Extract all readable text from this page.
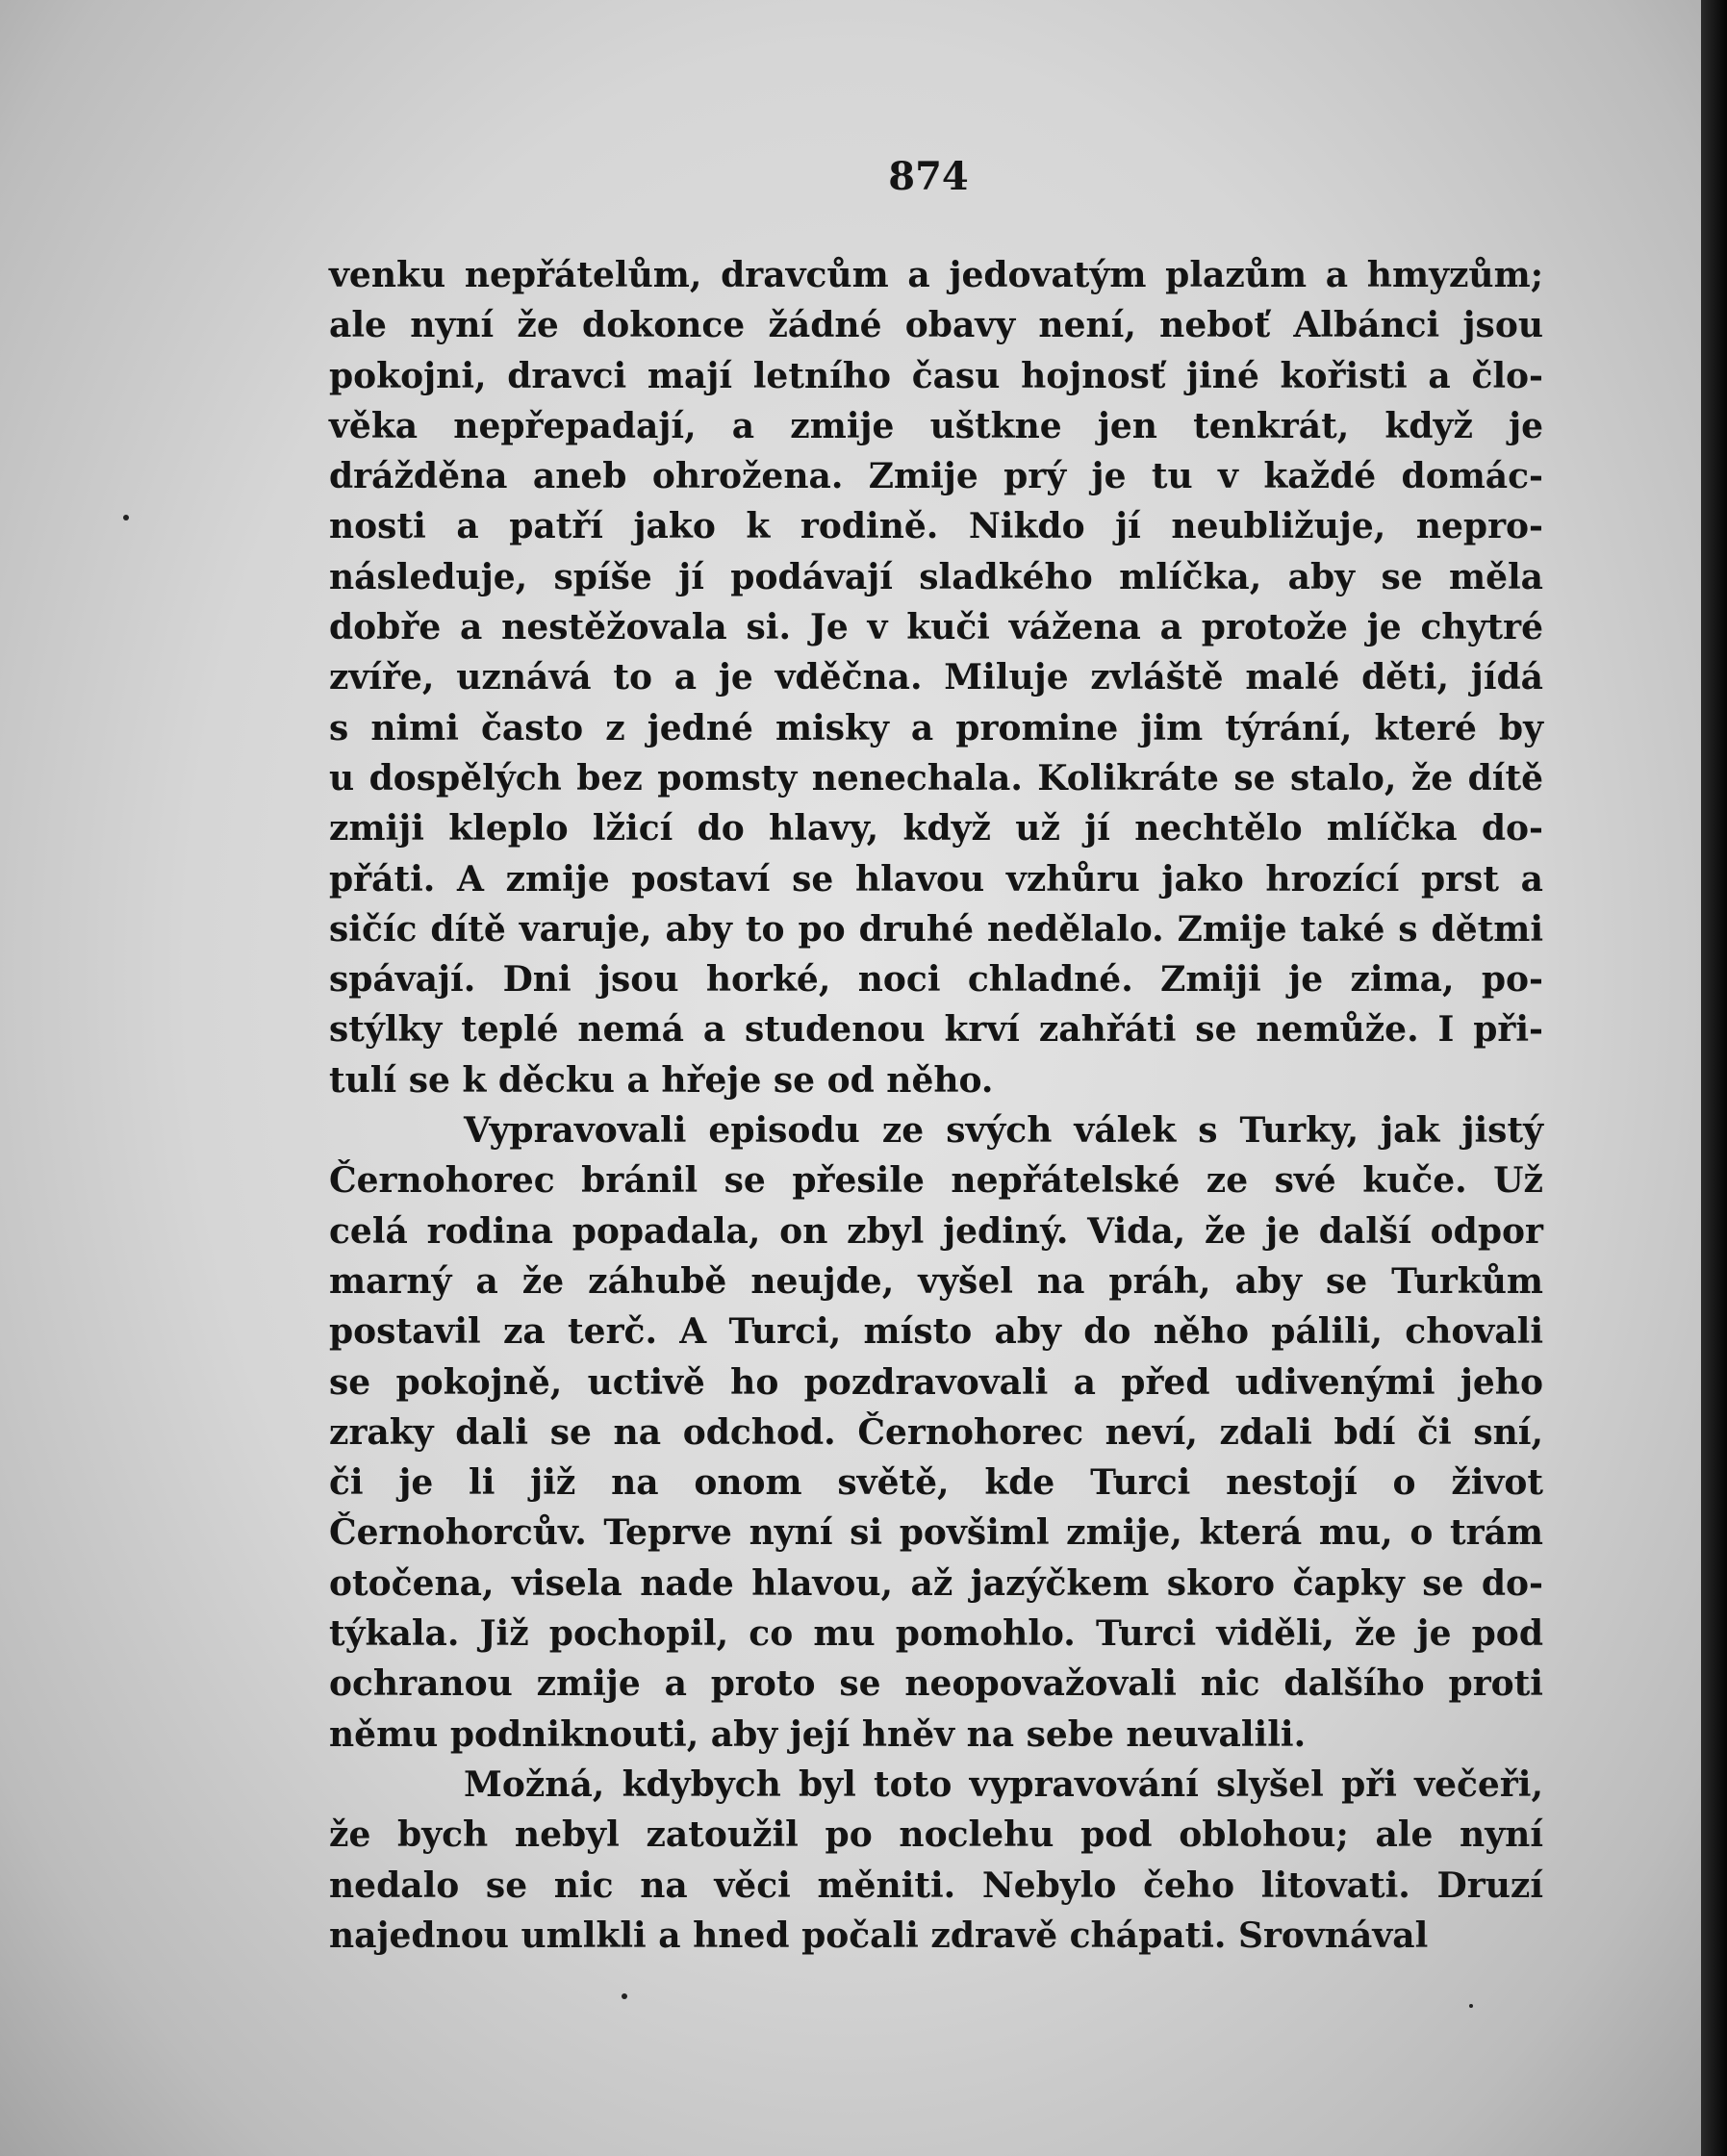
874
venku nepřátelům, dravcům a jedovatým plazům a hmyzům;
ale nyní že dokonce žádné obavy není, neboť Albánci jsou
pokojni, dravci mají letního času hojnosť jiné kořisti a člo-
věka nepřepadají, a zmije uštkne jen tenkrát, když je
drážděna aneb ohrožena. Zmije prý je tu v každé domác-
nosti a patří jako k rodině. Nikdo jí neubližuje, nepro-
následuje, spíše jí podávají sladkého mlíčka, aby se měla
dobře a nestěžovala si. Je v kuči vážena a protože je chytré
zvíře, uznává to a je vděčna. Miluje zvláště malé děti, jídá
s nimi často z jedné misky a promine jim týrání, které by
u dospělých bez pomsty nenechala. Kolikráte se stalo, že dítě
zmiji kleplo lžicí do hlavy, když už jí nechtělo mlíčka do-
přáti. A zmije postaví se hlavou vzhůru jako hrozící prst a
sičíc dítě varuje, aby to po druhé nedělalo. Zmije také s dětmi
spávají. Dni jsou horké, noci chladné. Zmiji je zima, po-
stýlky teplé nemá a studenou krví zahřáti se nemůže. I při-
tulí se k děcku a hřeje se od něho.
Vypravovali episodu ze svých válek s Turky, jak jistý
Černohorec bránil se přesile nepřátelské ze své kuče. Už
celá rodina popadala, on zbyl jediný. Vida, že je další odpor
marný a že záhubě neujde, vyšel na práh, aby se Turkům
postavil za terč. A Turci, místo aby do něho pálili, chovali
se pokojně, uctivě ho pozdravovali a před udivenými jeho
zraky dali se na odchod. Černohorec neví, zdali bdí či sní,
či je li již na onom světě, kde Turci nestojí o život
Černohorcův. Teprve nyní si povšiml zmije, která mu, o trám
otočena, visela nade hlavou, až jazýčkem skoro čapky se do-
týkala. Již pochopil, co mu pomohlo. Turci viděli, že je pod
ochranou zmije a proto se neopovažovali nic dalšího proti
němu podniknouti, aby její hněv na sebe neuvalili.
Možná, kdybych byl toto vypravování slyšel při večeři,
že bych nebyl zatoužil po noclehu pod oblohou; ale nyní
nedalo se nic na věci měniti. Nebylo čeho litovati. Druzí
najednou umlkli a hned počali zdravě chápati. Srovnával
